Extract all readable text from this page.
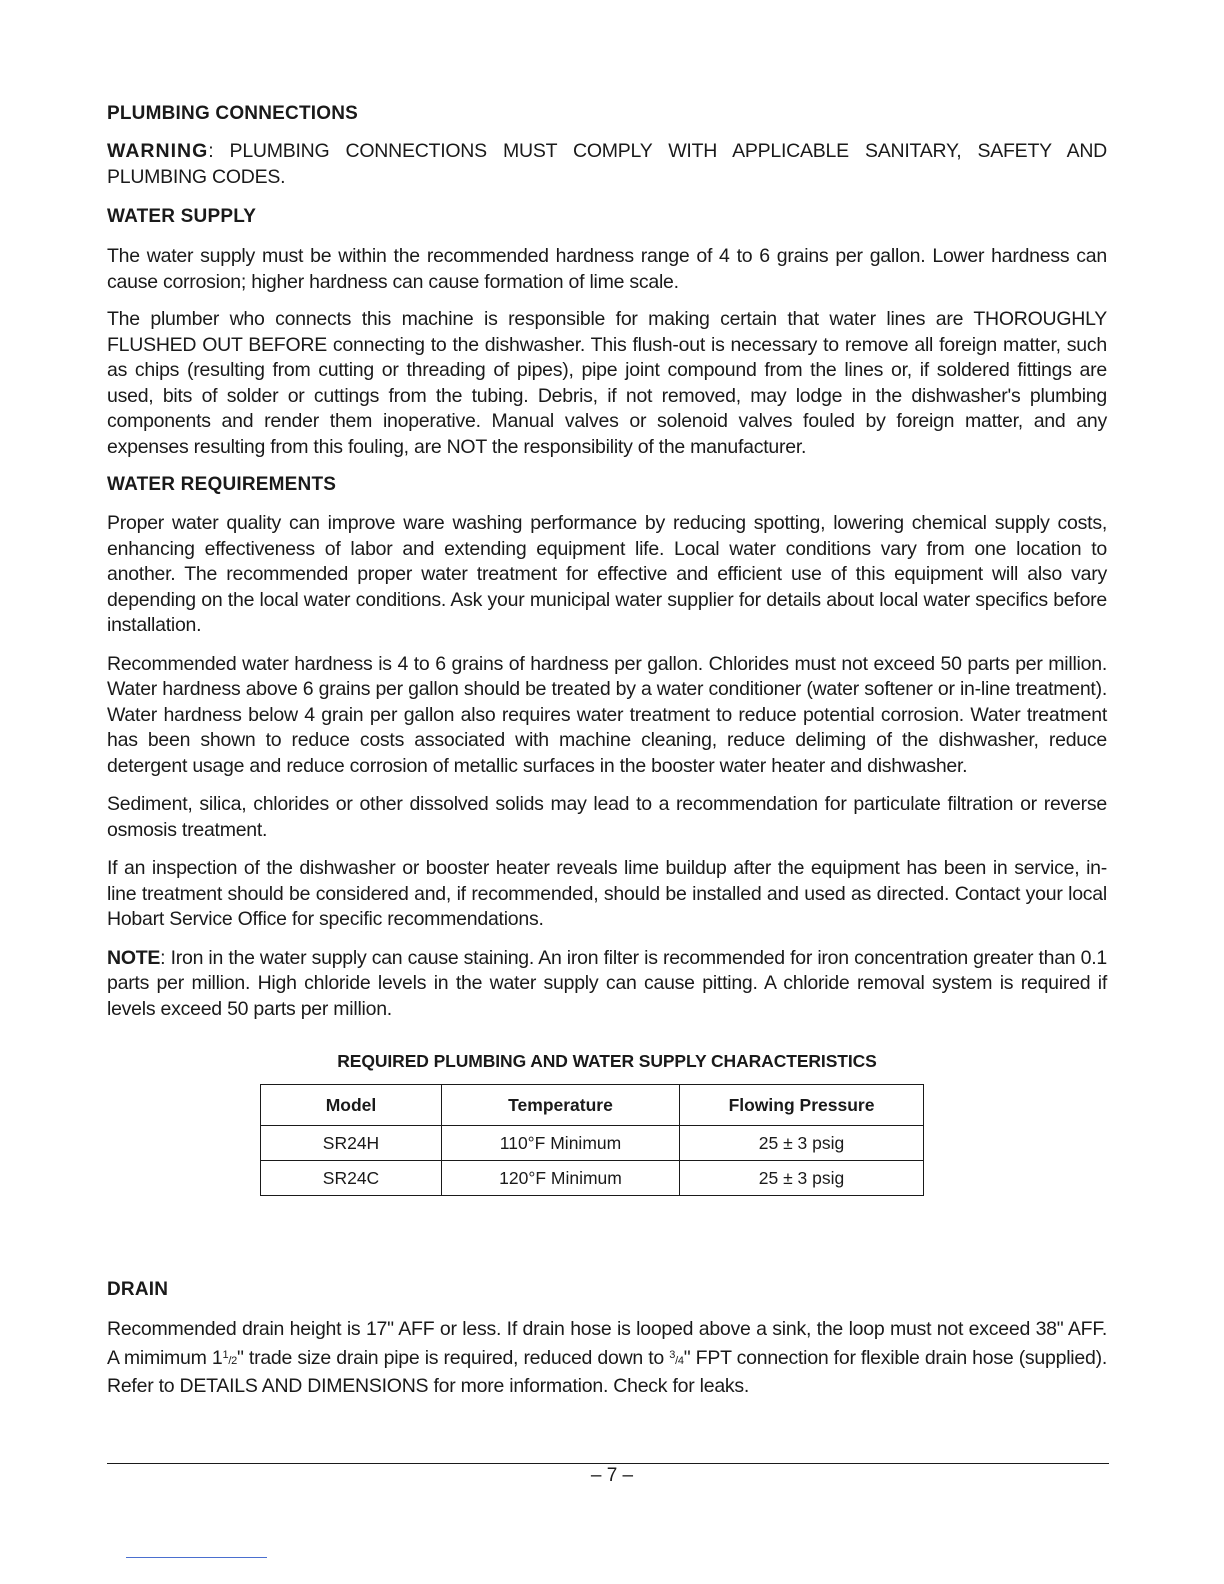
PLUMBING CONNECTIONS

WARNING: PLUMBING CONNECTIONS MUST COMPLY WITH APPLICABLE SANITARY, SAFETY AND PLUMBING CODES.

WATER SUPPLY

The water supply must be within the recommended hardness range of 4 to 6 grains per gallon. Lower hardness can cause corrosion; higher hardness can cause formation of lime scale.

The plumber who connects this machine is responsible for making certain that water lines are THOROUGHLY FLUSHED OUT BEFORE connecting to the dishwasher. This flush-out is necessary to remove all foreign matter, such as chips (resulting from cutting or threading of pipes), pipe joint compound from the lines or, if soldered fittings are used, bits of solder or cuttings from the tubing. Debris, if not removed, may lodge in the dishwasher's plumbing components and render them inoperative. Manual valves or solenoid valves fouled by foreign matter, and any expenses resulting from this fouling, are NOT the responsibility of the manufacturer.

WATER REQUIREMENTS

Proper water quality can improve ware washing performance by reducing spotting, lowering chemical supply costs, enhancing effectiveness of labor and extending equipment life. Local water conditions vary from one location to another. The recommended proper water treatment for effective and efficient use of this equipment will also vary depending on the local water conditions. Ask your municipal water supplier for details about local water specifics before installation.

Recommended water hardness is 4 to 6 grains of hardness per gallon. Chlorides must not exceed 50 parts per million. Water hardness above 6 grains per gallon should be treated by a water conditioner (water softener or in-line treatment). Water hardness below 4 grain per gallon also requires water treatment to reduce potential corrosion. Water treatment has been shown to reduce costs associated with machine cleaning, reduce deliming of the dishwasher, reduce detergent usage and reduce corrosion of metallic surfaces in the booster water heater and dishwasher.

Sediment, silica, chlorides or other dissolved solids may lead to a recommendation for particulate filtration or reverse osmosis treatment.

If an inspection of the dishwasher or booster heater reveals lime buildup after the equipment has been in service, in-line treatment should be considered and, if recommended, should be installed and used as directed. Contact your local Hobart Service Office for specific recommendations.

NOTE: Iron in the water supply can cause staining. An iron filter is recommended for iron concentration greater than 0.1 parts per million. High chloride levels in the water supply can cause pitting. A chloride removal system is required if levels exceed 50 parts per million.

REQUIRED PLUMBING AND WATER SUPPLY CHARACTERISTICS
Model	Temperature	Flowing Pressure
SR24H	110°F Minimum	25 ± 3 psig
SR24C	120°F Minimum	25 ± 3 psig
DRAIN

Recommended drain height is 17" AFF or less. If drain hose is looped above a sink, the loop must not exceed 38" AFF. A mimimum $1^1/2$" trade size drain pipe is required, reduced down to $^3$/4" FPT connection for flexible drain hose (supplied). Refer to DETAILS AND DIMENSIONS for more information. Check for leaks.

– 7 –
